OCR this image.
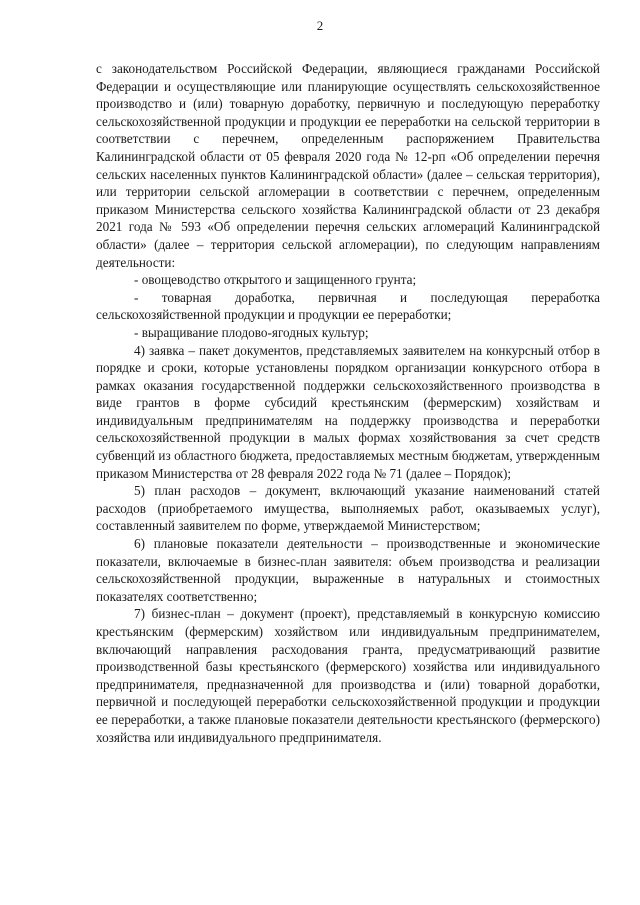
2

с законодательством Российской Федерации, являющиеся гражданами Российской Федерации и осуществляющие или планирующие осуществлять сельскохозяйственное производство и (или) товарную доработку, первичную и последующую переработку сельскохозяйственной продукции и продукции ее переработки на сельской территории в соответствии с перечнем, определенным распоряжением Правительства Калининградской области от 05 февраля 2020 года № 12-рп «Об определении перечня сельских населенных пунктов Калининградской области» (далее – сельская территория), или территории сельской агломерации в соответствии с перечнем, определенным приказом Министерства сельского хозяйства Калининградской области от 23 декабря 2021 года № 593 «Об определении перечня сельских агломераций Калининградской области» (далее – территория сельской агломерации), по следующим направлениям деятельности:

- овощеводство открытого и защищенного грунта;

- товарная доработка, первичная и последующая переработка сельскохозяйственной продукции и продукции ее переработки;

- выращивание плодово-ягодных культур;

4) заявка – пакет документов, представляемых заявителем на конкурсный отбор в порядке и сроки, которые установлены порядком организации конкурсного отбора в рамках оказания государственной поддержки сельскохозяйственного производства в виде грантов в форме субсидий крестьянским (фермерским) хозяйствам и индивидуальным предпринимателям на поддержку производства и переработки сельскохозяйственной продукции в малых формах хозяйствования за счет средств субвенций из областного бюджета, предоставляемых местным бюджетам, утвержденным приказом Министерства от 28 февраля 2022 года № 71 (далее – Порядок);

5) план расходов – документ, включающий указание наименований статей расходов (приобретаемого имущества, выполняемых работ, оказываемых услуг), составленный заявителем по форме, утверждаемой Министерством;

6) плановые показатели деятельности – производственные и экономические показатели, включаемые в бизнес-план заявителя: объем производства и реализации сельскохозяйственной продукции, выраженные в натуральных и стоимостных показателях соответственно;

7) бизнес-план – документ (проект), представляемый в конкурсную комиссию крестьянским (фермерским) хозяйством или индивидуальным предпринимателем, включающий направления расходования гранта, предусматривающий развитие производственной базы крестьянского (фермерского) хозяйства или индивидуального предпринимателя, предназначенной для производства и (или) товарной доработки, первичной и последующей переработки сельскохозяйственной продукции и продукции ее переработки, а также плановые показатели деятельности крестьянского (фермерского) хозяйства или индивидуального предпринимателя.
